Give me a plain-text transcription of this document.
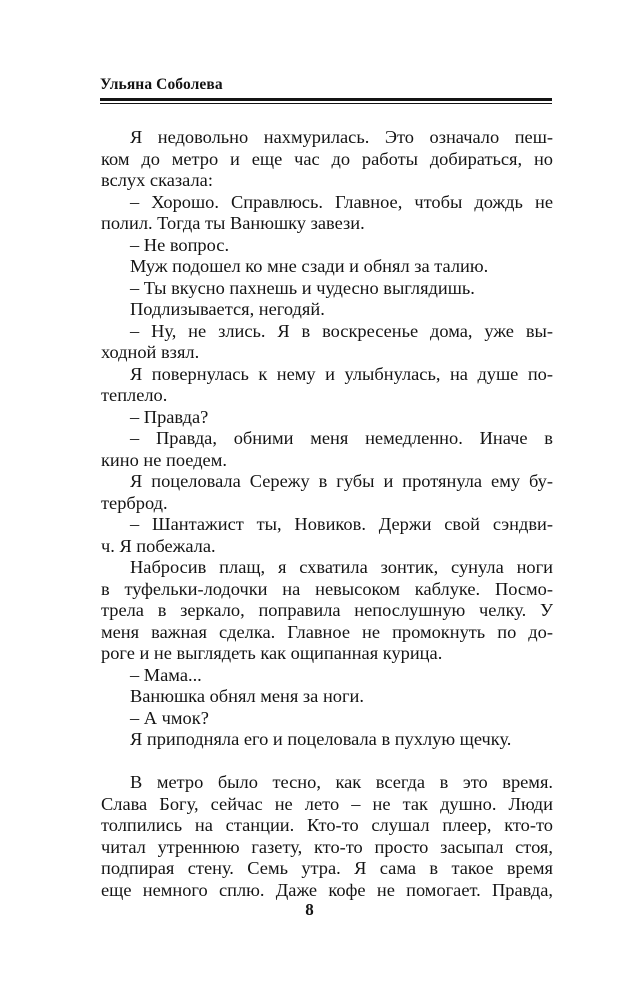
Ульяна Соболева
Я недовольно нахмурилась. Это означало пеш-
ком до метро и еще час до работы добираться, но
вслух сказала:
– Хорошо. Справлюсь. Главное, чтобы дождь не
полил. Тогда ты Ванюшку завези.
– Не вопрос.
Муж подошел ко мне сзади и обнял за талию.
– Ты вкусно пахнешь и чудесно выглядишь.
Подлизывается, негодяй.
– Ну, не злись. Я в воскресенье дома, уже вы-
ходной взял.
Я повернулась к нему и улыбнулась, на душе по-
теплело.
– Правда?
– Правда, обними меня немедленно. Иначе в
кино не поедем.
Я поцеловала Сережу в губы и протянула ему бу-
терброд.
– Шантажист ты, Новиков. Держи свой сэндви-
ч. Я побежала.
Набросив плащ, я схватила зонтик, сунула ноги
в туфельки-лодочки на невысоком каблуке. Посмо-
трела в зеркало, поправила непослушную челку. У
меня важная сделка. Главное не промокнуть по до-
роге и не выглядеть как ощипанная курица.
– Мама...
Ванюшка обнял меня за ноги.
– А чмок?
Я приподняла его и поцеловала в пухлую щечку.
В метро было тесно, как всегда в это время.
Слава Богу, сейчас не лето – не так душно. Люди
толпились на станции. Кто-то слушал плеер, кто-то
читал утреннюю газету, кто-то просто засыпал стоя,
подпирая стену. Семь утра. Я сама в такое время
еще немного сплю. Даже кофе не помогает. Правда,
8
